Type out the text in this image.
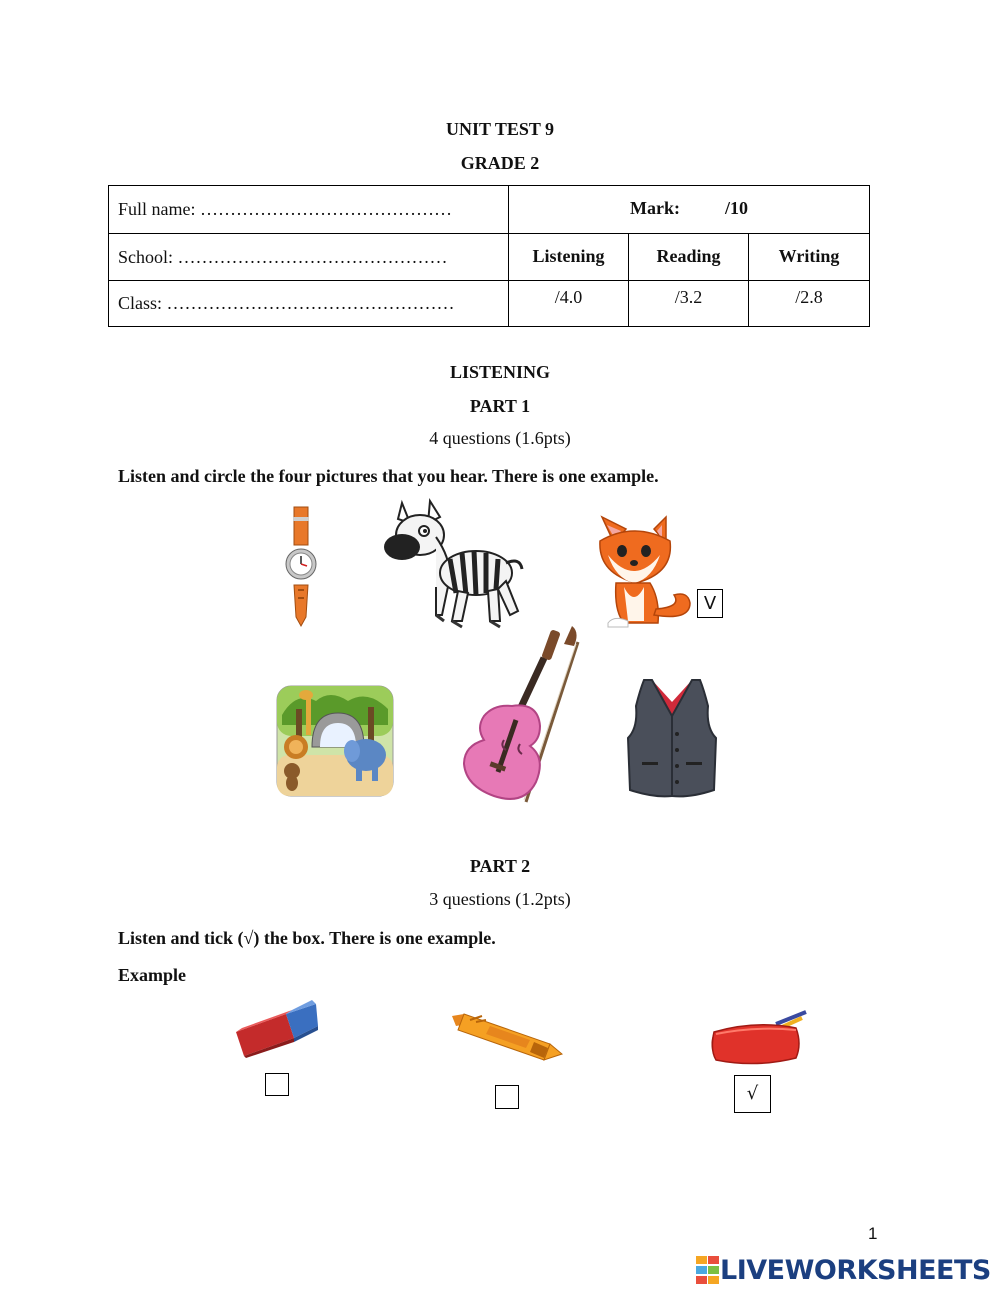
UNIT TEST 9
GRADE 2
Full name: ……………………………………	Mark: /10		
School: ………………………………………	Listening	Reading	Writing
Class: …………………………………………	/4.0	/3.2	/2.8
LISTENING
PART 1
4 questions (1.6pts)
Listen and circle the four pictures that you hear. There is one example.
V
PART 2
3 questions (1.2pts)
Listen and tick (√) the box. There is one example.
Example
√
1
LIVEWORKSHEETS
